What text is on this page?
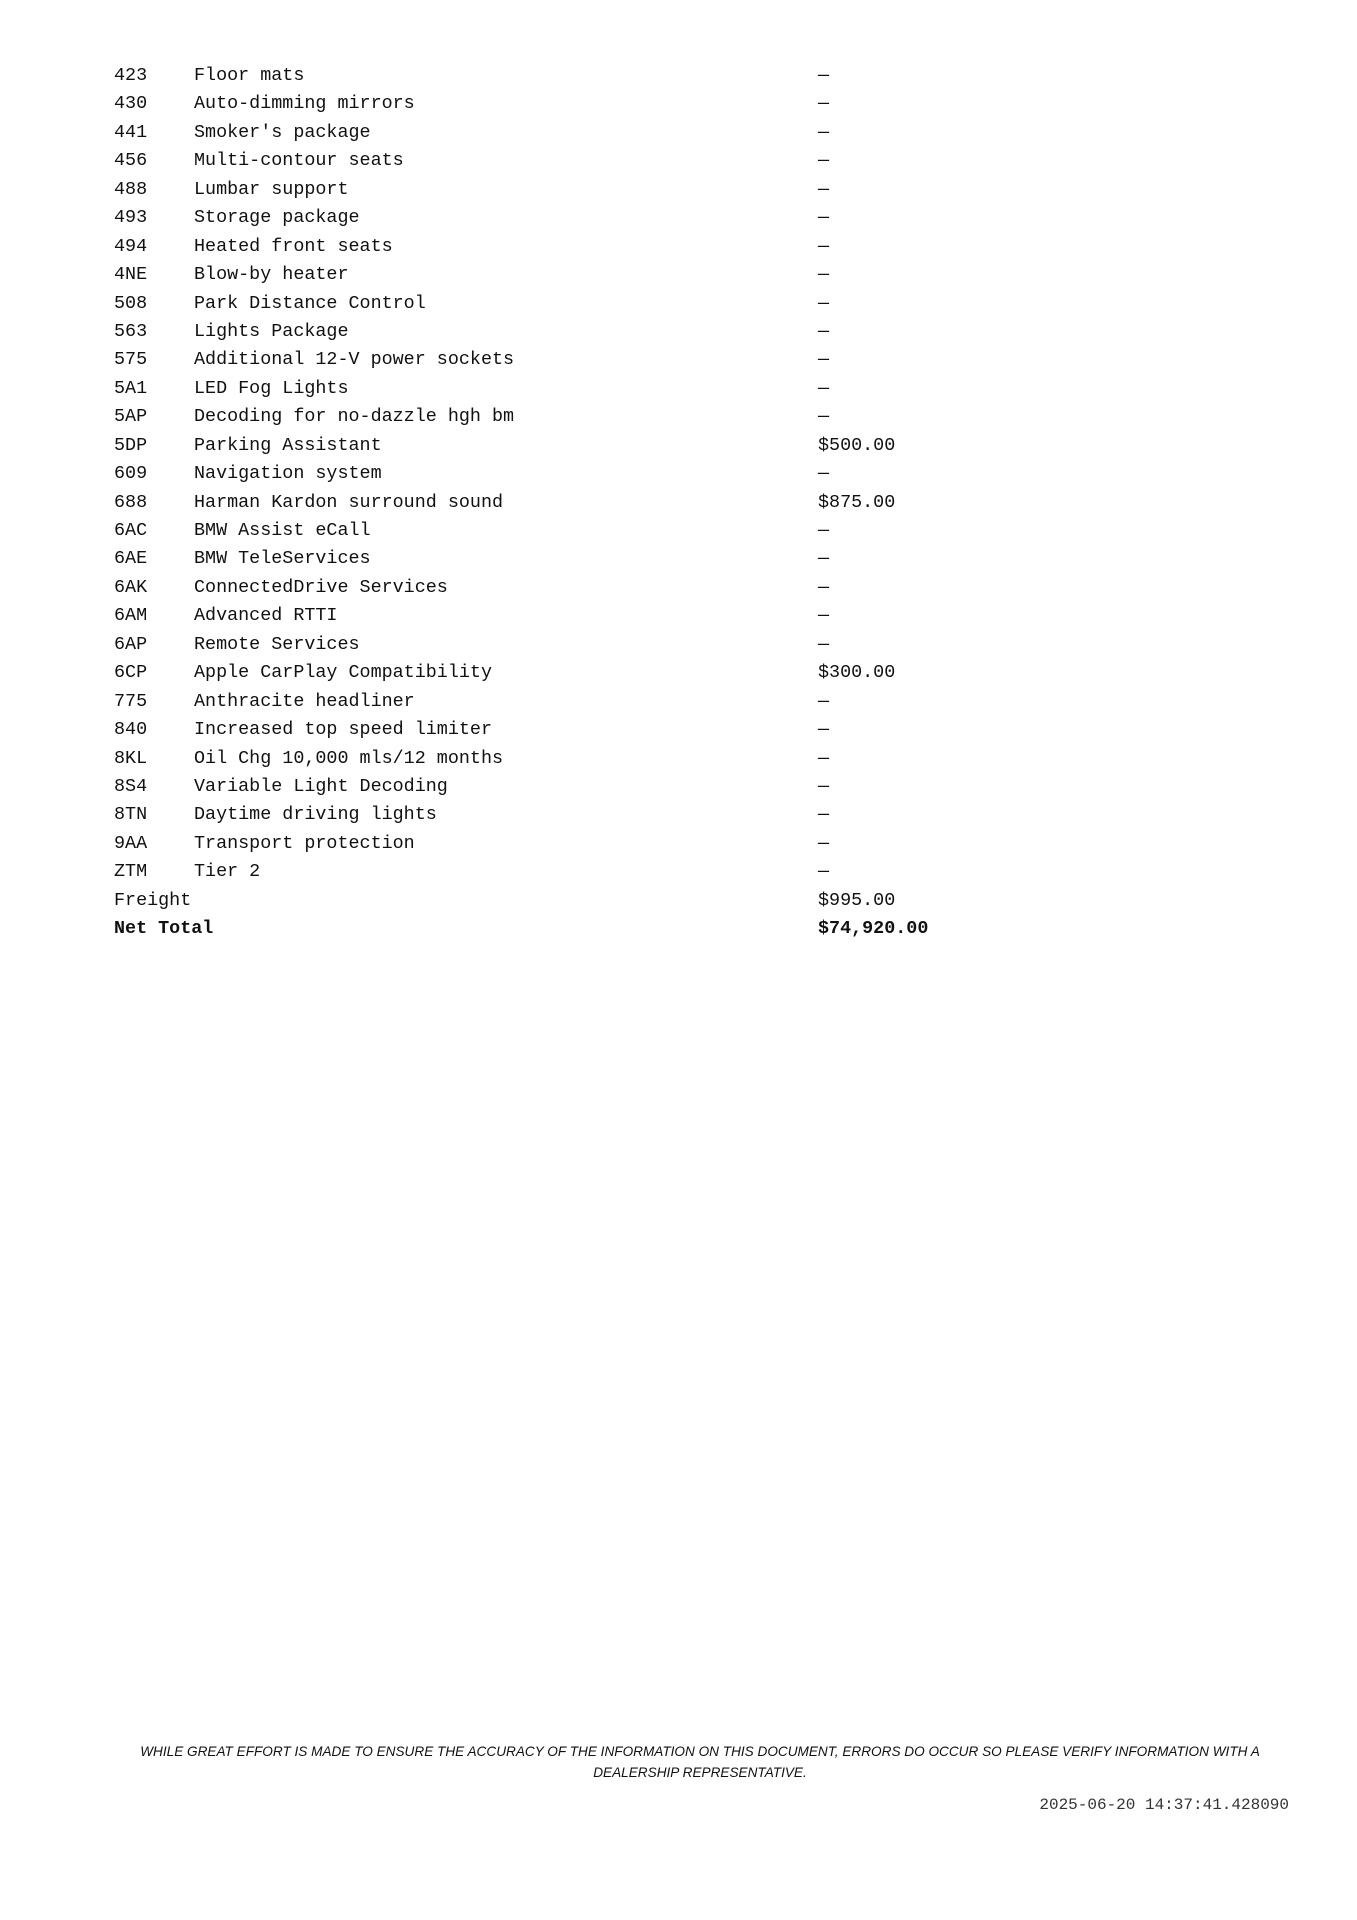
423	Floor mats	—
430	Auto-dimming mirrors	—
441	Smoker's package	—
456	Multi-contour seats	—
488	Lumbar support	—
493	Storage package	—
494	Heated front seats	—
4NE	Blow-by heater	—
508	Park Distance Control	—
563	Lights Package	—
575	Additional 12-V power sockets	—
5A1	LED Fog Lights	—
5AP	Decoding for no-dazzle hgh bm	—
5DP	Parking Assistant	$500.00
609	Navigation system	—
688	Harman Kardon surround sound	$875.00
6AC	BMW Assist eCall	—
6AE	BMW TeleServices	—
6AK	ConnectedDrive Services	—
6AM	Advanced RTTI	—
6AP	Remote Services	—
6CP	Apple CarPlay Compatibility	$300.00
775	Anthracite headliner	—
840	Increased top speed limiter	—
8KL	Oil Chg 10,000 mls/12 months	—
8S4	Variable Light Decoding	—
8TN	Daytime driving lights	—
9AA	Transport protection	—
ZTM	Tier 2	—
Freight	$995.00
Net Total	$74,920.00
WHILE GREAT EFFORT IS MADE TO ENSURE THE ACCURACY OF THE INFORMATION ON THIS DOCUMENT, ERRORS DO OCCUR SO PLEASE VERIFY INFORMATION WITH A
DEALERSHIP REPRESENTATIVE.
2025-06-20 14:37:41.428090
